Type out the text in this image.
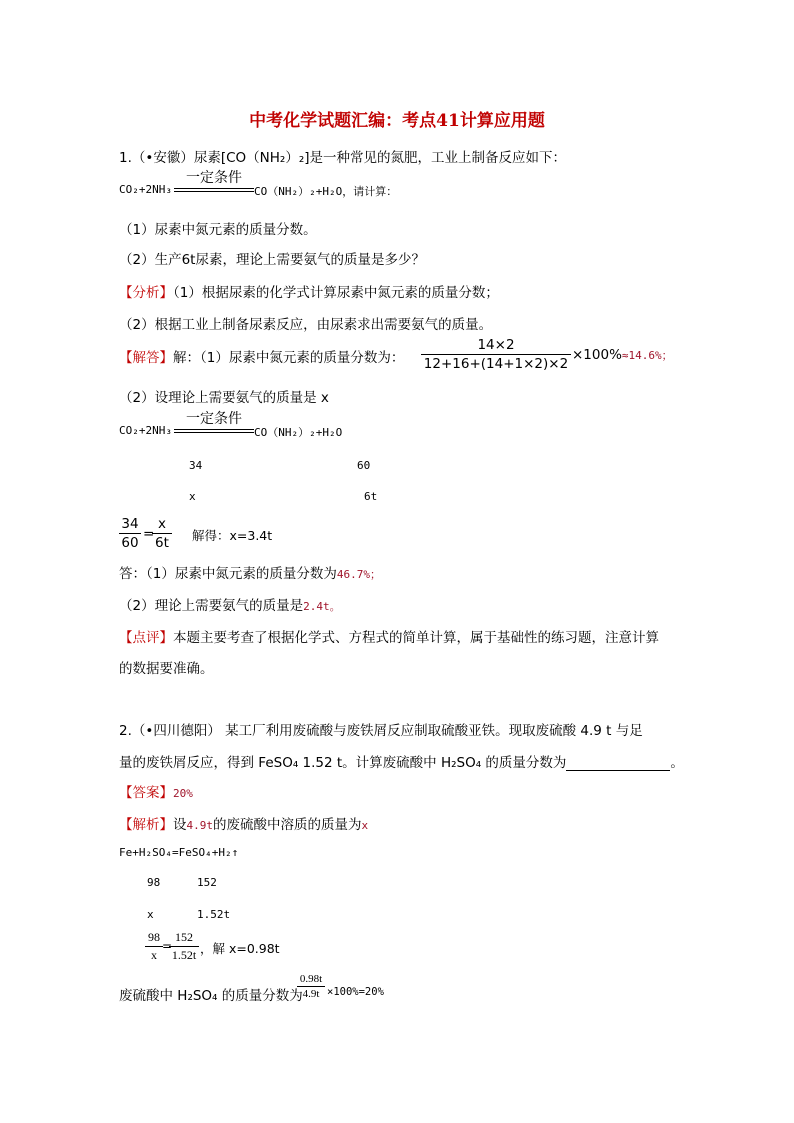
中考化学试题汇编：考点41计算应用题
1.（•安徽）尿素[CO（NH₂）₂]是一种常见的氮肥，工业上制备反应如下：
CO₂+2NH₃
一定条件
CO（NH₂）₂+H₂O，请计算：
（1）尿素中氮元素的质量分数。
（2）生产6t尿素，理论上需要氨气的质量是多少？
【分析】（1）根据尿素的化学式计算尿素中氮元素的质量分数；
（2）根据工业上制备尿素反应，由尿素求出需要氨气的质量。
【解答】解：（1）尿素中氮元素的质量分数为：
14×2
12+16+(14+1×2)×2
×100%≈14.6%；
（2）设理论上需要氨气的质量是 x
CO₂+2NH₃
一定条件
CO（NH₂）₂+H₂O
34	60
x	6t
34
60
=
x
6t 解得：x=3.4t
答：（1）尿素中氮元素的质量分数为46.7%；
（2）理论上需要氨气的质量是2.4t。
【点评】本题主要考查了根据化学式、方程式的简单计算，属于基础性的练习题，注意计算
的数据要准确。
2.（•四川德阳） 某工厂利用废硫酸与废铁屑反应制取硫酸亚铁。现取废硫酸 4.9 t 与足
量的废铁屑反应，得到 FeSO₄ 1.52 t。计算废硫酸中 H₂SO₄ 的质量分数为	。
【答案】20%
【解析】设4.9t的废硫酸中溶质的质量为x
Fe+H₂SO₄=FeSO₄+H₂↑
98	152
x	1.52t
98
x
=
152
1.52t ，解 x=0.98t
废硫酸中 H₂SO₄ 的质量分数为
0.98t
4.9t ×100%=20%
